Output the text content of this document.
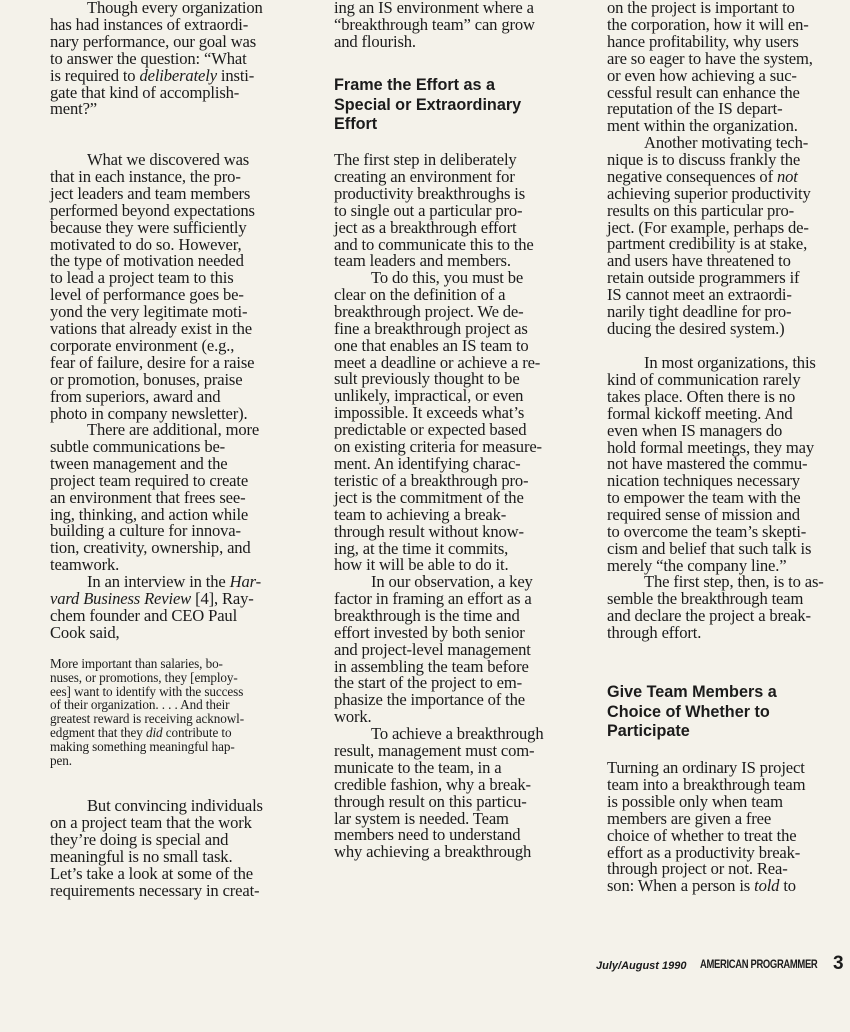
Though every organization
has had instances of extraordi-
nary performance, our goal was
to answer the question: “What
is required to deliberately insti-
gate that kind of accomplish-
ment?”
What we discovered was
that in each instance, the pro-
ject leaders and team members
performed beyond expectations
because they were sufficiently
motivated to do so. However,
the type of motivation needed
to lead a project team to this
level of performance goes be-
yond the very legitimate moti-
vations that already exist in the
corporate environment (e.g.,
fear of failure, desire for a raise
or promotion, bonuses, praise
from superiors, award and
photo in company newsletter).
There are additional, more
subtle communications be-
tween management and the
project team required to create
an environment that frees see-
ing, thinking, and action while
building a culture for innova-
tion, creativity, ownership, and
teamwork.
In an interview in the Har-
vard Business Review [4], Ray-
chem founder and CEO Paul
Cook said,
More important than salaries, bo-
nuses, or promotions, they [employ-
ees] want to identify with the success
of their organization. . . . And their
greatest reward is receiving acknowl-
edgment that they did contribute to
making something meaningful hap-
pen.
But convincing individuals
on a project team that the work
they’re doing is special and
meaningful is no small task.
Let’s take a look at some of the
requirements necessary in creat-
ing an IS environment where a
“breakthrough team” can grow
and flourish.
Frame the Effort as a
Special or Extraordinary
Effort
The first step in deliberately
creating an environment for
productivity breakthroughs is
to single out a particular pro-
ject as a breakthrough effort
and to communicate this to the
team leaders and members.
To do this, you must be
clear on the definition of a
breakthrough project. We de-
fine a breakthrough project as
one that enables an IS team to
meet a deadline or achieve a re-
sult previously thought to be
unlikely, impractical, or even
impossible. It exceeds what’s
predictable or expected based
on existing criteria for measure-
ment. An identifying charac-
teristic of a breakthrough pro-
ject is the commitment of the
team to achieving a break-
through result without know-
ing, at the time it commits,
how it will be able to do it.
In our observation, a key
factor in framing an effort as a
breakthrough is the time and
effort invested by both senior
and project-level management
in assembling the team before
the start of the project to em-
phasize the importance of the
work.
To achieve a breakthrough
result, management must com-
municate to the team, in a
credible fashion, why a break-
through result on this particu-
lar system is needed. Team
members need to understand
why achieving a breakthrough
on the project is important to
the corporation, how it will en-
hance profitability, why users
are so eager to have the system,
or even how achieving a suc-
cessful result can enhance the
reputation of the IS depart-
ment within the organization.
Another motivating tech-
nique is to discuss frankly the
negative consequences of not
achieving superior productivity
results on this particular pro-
ject. (For example, perhaps de-
partment credibility is at stake,
and users have threatened to
retain outside programmers if
IS cannot meet an extraordi-
narily tight deadline for pro-
ducing the desired system.)
In most organizations, this
kind of communication rarely
takes place. Often there is no
formal kickoff meeting. And
even when IS managers do
hold formal meetings, they may
not have mastered the commu-
nication techniques necessary
to empower the team with the
required sense of mission and
to overcome the team’s skepti-
cism and belief that such talk is
merely “the company line.”
The first step, then, is to as-
semble the breakthrough team
and declare the project a break-
through effort.
Give Team Members a
Choice of Whether to
Participate
Turning an ordinary IS project
team into a breakthrough team
is possible only when team
members are given a free
choice of whether to treat the
effort as a productivity break-
through project or not. Rea-
son: When a person is told to
July/August 1990 AMERICAN PROGRAMMER 3
